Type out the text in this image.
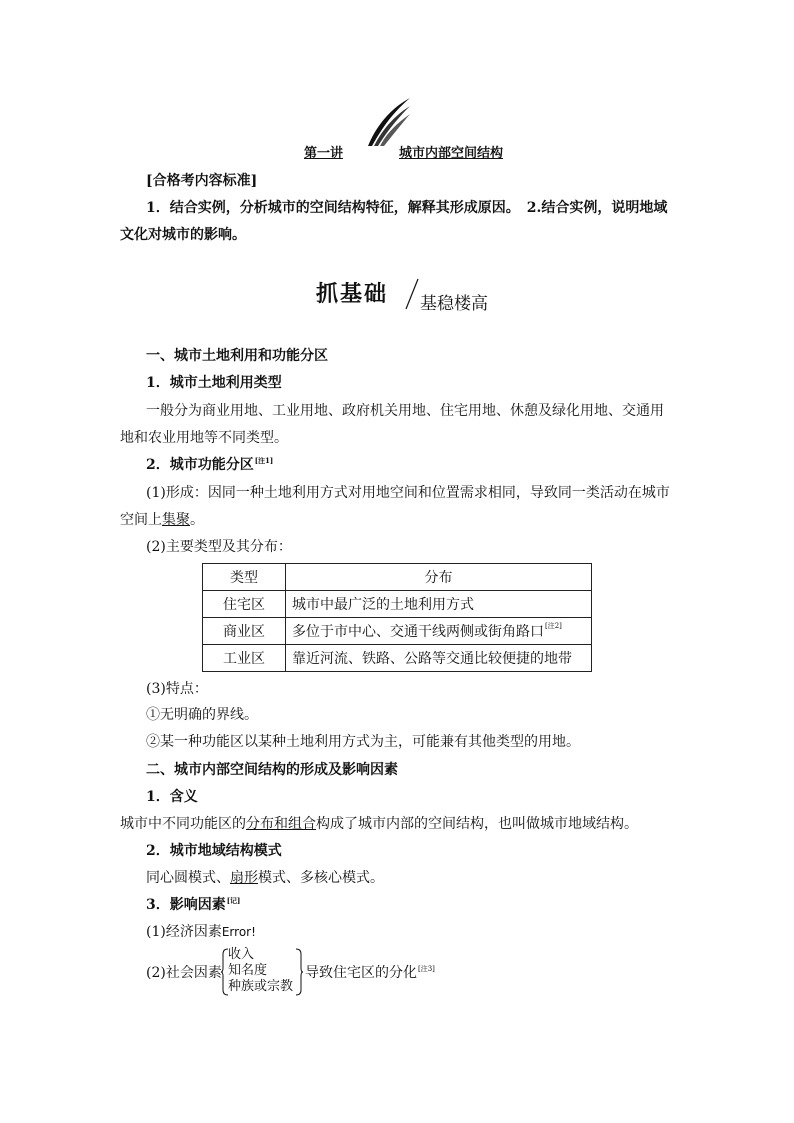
第一讲	城市内部空间结构
[合格考内容标准]
1．结合实例，分析城市的空间结构特征，解释其形成原因。　2.结合实例，说明地域
文化对城市的影响。
抓基础 基稳楼高
一、城市土地利用和功能分区
1．城市土地利用类型
一般分为商业用地、工业用地、政府机关用地、住宅用地、休憩及绿化用地、交通用
地和农业用地等不同类型。
2．城市功能分区[注1]
(1)形成：因同一种土地利用方式对用地空间和位置需求相同，导致同一类活动在城市
空间上集聚。
(2)主要类型及其分布：
类型	分布
住宅区	城市中最广泛的土地利用方式
商业区	多位于市中心、交通干线两侧或街角路口[注2]
工业区	靠近河流、铁路、公路等交通比较便捷的地带
(3)特点：
①无明确的界线。
②某一种功能区以某种土地利用方式为主，可能兼有其他类型的用地。
二、城市内部空间结构的形成及影响因素
1．含义
城市中不同功能区的分布和组合构成了城市内部的空间结构，也叫做城市地域结构。
2．城市地域结构模式
同心圆模式、扇形模式、多核心模式。
3．影响因素[记]
(1)经济因素Error!
(2)社会因素
收入
知名度
种族或宗教
导致住宅区的分化[注3]
